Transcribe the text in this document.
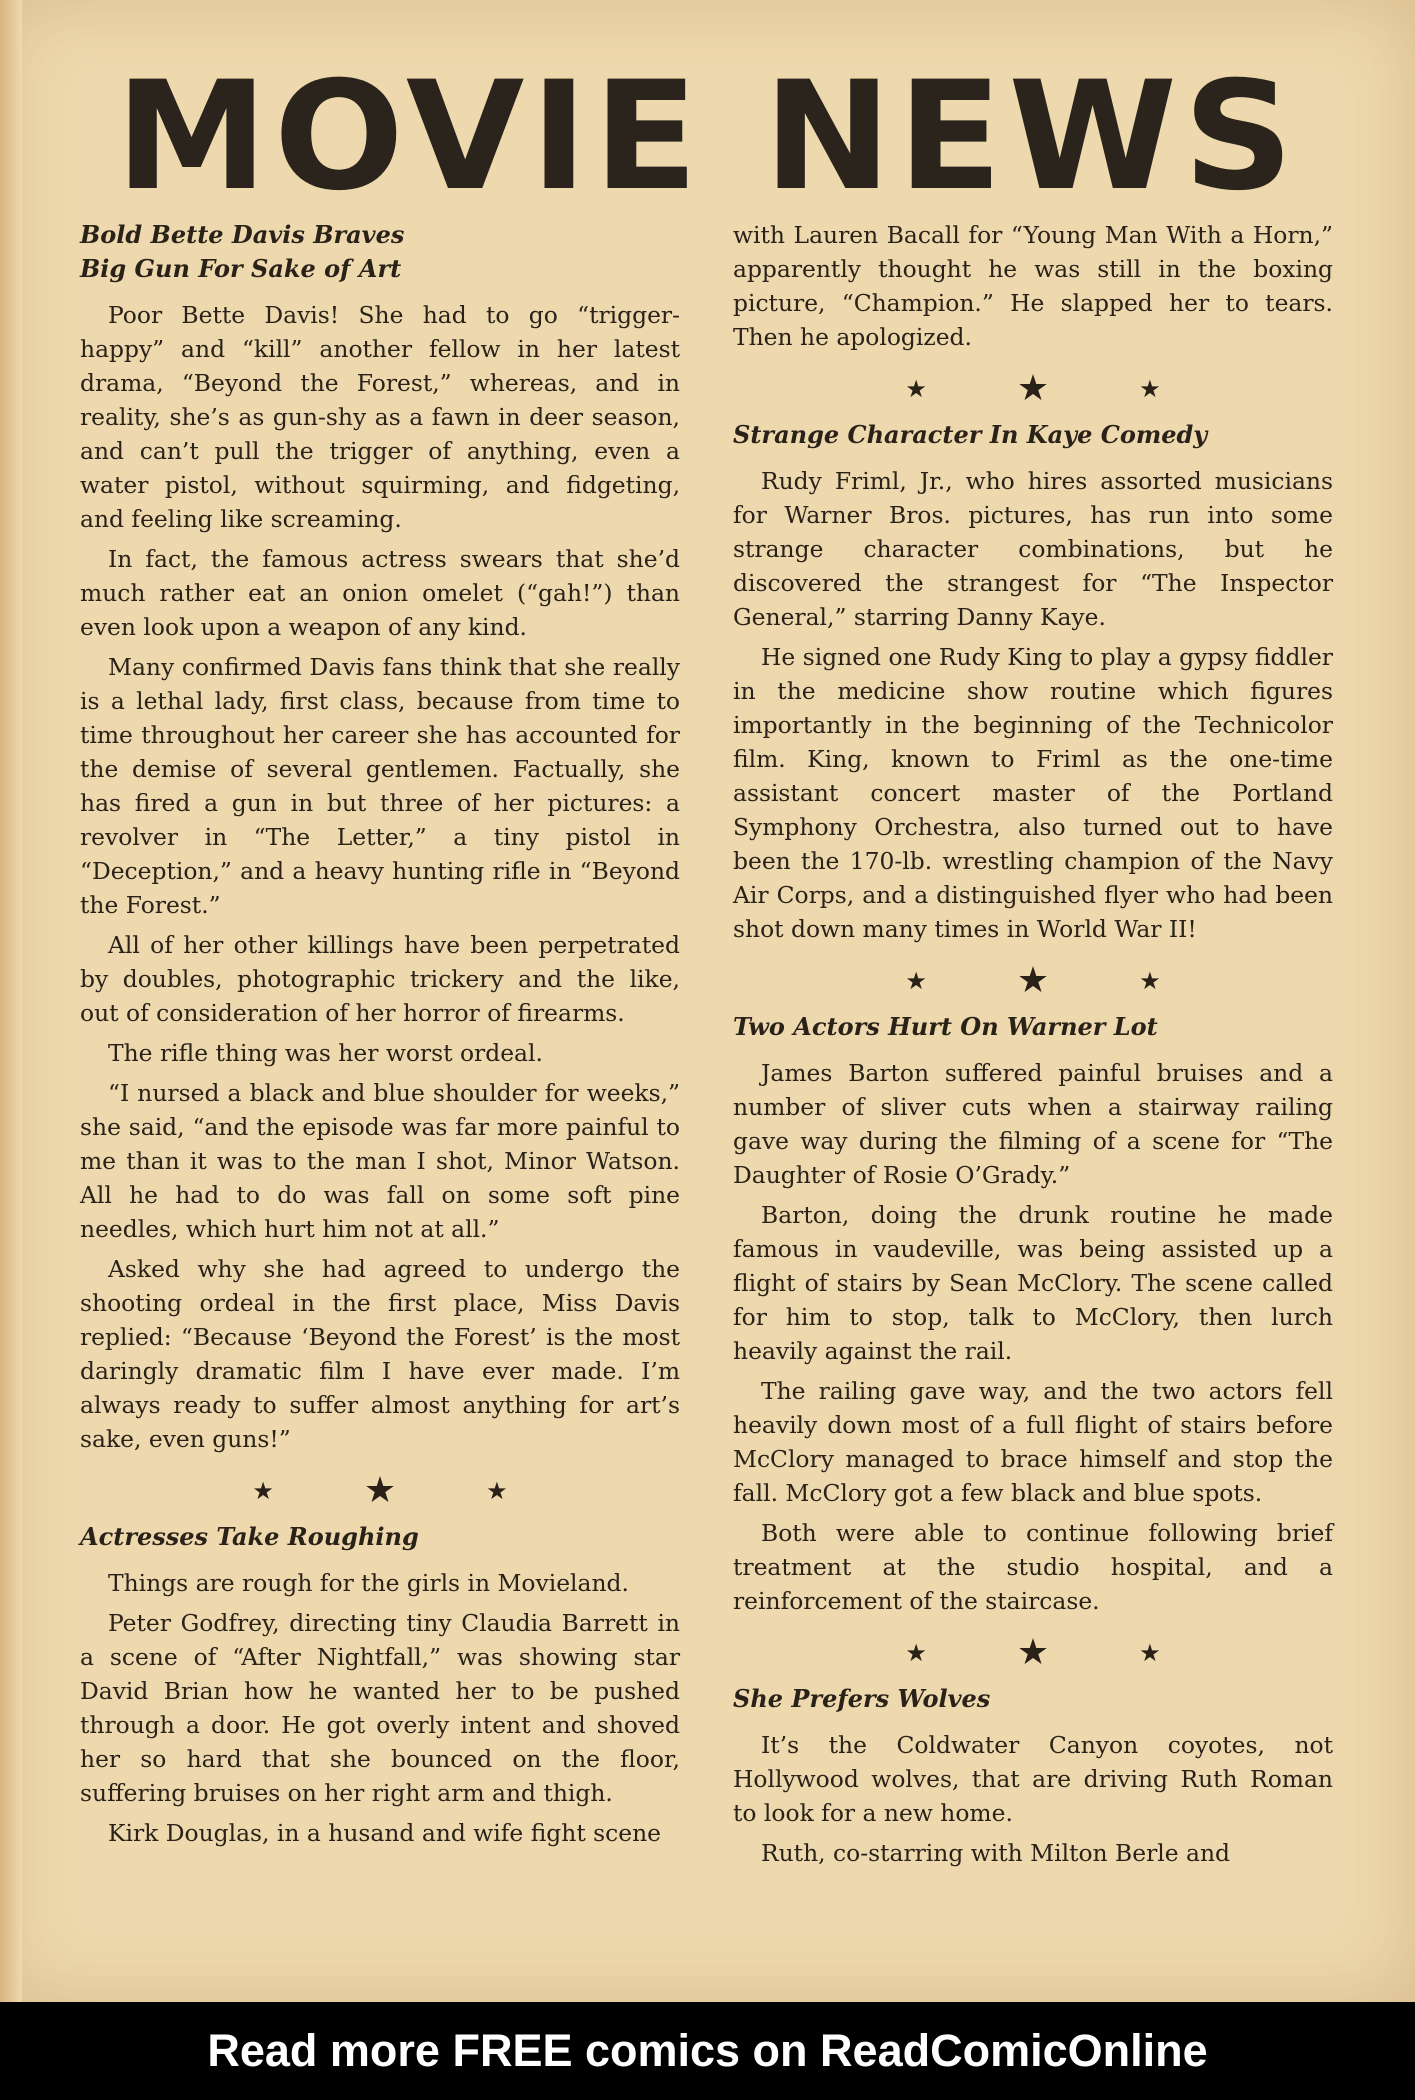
MOVIE NEWS
Bold Bette Davis Braves
Big Gun For Sake of Art

Poor Bette Davis! She had to go “trigger-happy” and “kill” another fellow in her latest drama, “Beyond the Forest,” whereas, and in reality, she’s as gun-shy as a fawn in deer season, and can’t pull the trigger of anything, even a water pistol, without squirming, and fidgeting, and feeling like screaming.

In fact, the famous actress swears that she’d much rather eat an onion omelet (“gah!”) than even look upon a weapon of any kind.

Many confirmed Davis fans think that she really is a lethal lady, first class, because from time to time throughout her career she has accounted for the demise of several gentlemen. Factually, she has fired a gun in but three of her pictures: a revolver in “The Letter,” a tiny pistol in “Deception,” and a heavy hunting rifle in “Beyond the Forest.”

All of her other killings have been perpetrated by doubles, photographic trickery and the like, out of consideration of her horror of firearms.

The rifle thing was her worst ordeal.

“I nursed a black and blue shoulder for weeks,” she said, “and the episode was far more painful to me than it was to the man I shot, Minor Watson. All he had to do was fall on some soft pine needles, which hurt him not at all.”

Asked why she had agreed to undergo the shooting ordeal in the first place, Miss Davis replied: “Because ‘Beyond the Forest’ is the most daringly dramatic film I have ever made. I’m always ready to suffer almost anything for art’s sake, even guns!”

★	★	★
Actresses Take Roughing

Things are rough for the girls in Movieland.

Peter Godfrey, directing tiny Claudia Barrett in a scene of “After Nightfall,” was showing star David Brian how he wanted her to be pushed through a door. He got overly intent and shoved her so hard that she bounced on the floor, suffering bruises on her right arm and thigh.

Kirk Douglas, in a husand and wife fight scene

with Lauren Bacall for “Young Man With a Horn,” apparently thought he was still in the boxing picture, “Champion.” He slapped her to tears. Then he apologized.

★	★	★
Strange Character In Kaye Comedy

Rudy Friml, Jr., who hires assorted musicians for Warner Bros. pictures, has run into some strange character combinations, but he discovered the strangest for “The Inspector General,” starring Danny Kaye.

He signed one Rudy King to play a gypsy fiddler in the medicine show routine which figures importantly in the beginning of the Technicolor film. King, known to Friml as the one-time assistant concert master of the Portland Symphony Orchestra, also turned out to have been the 170-lb. wrestling champion of the Navy Air Corps, and a distinguished flyer who had been shot down many times in World War II!

★	★	★
Two Actors Hurt On Warner Lot

James Barton suffered painful bruises and a number of sliver cuts when a stairway railing gave way during the filming of a scene for “The Daughter of Rosie O’Grady.”

Barton, doing the drunk routine he made famous in vaudeville, was being assisted up a flight of stairs by Sean McClory. The scene called for him to stop, talk to McClory, then lurch heavily against the rail.

The railing gave way, and the two actors fell heavily down most of a full flight of stairs before McClory managed to brace himself and stop the fall. McClory got a few black and blue spots.

Both were able to continue following brief treatment at the studio hospital, and a reinforcement of the staircase.

★	★	★
She Prefers Wolves

It’s the Coldwater Canyon coyotes, not Hollywood wolves, that are driving Ruth Roman to look for a new home.

Ruth, co-starring with Milton Berle and

Read more FREE comics on ReadComicOnline
